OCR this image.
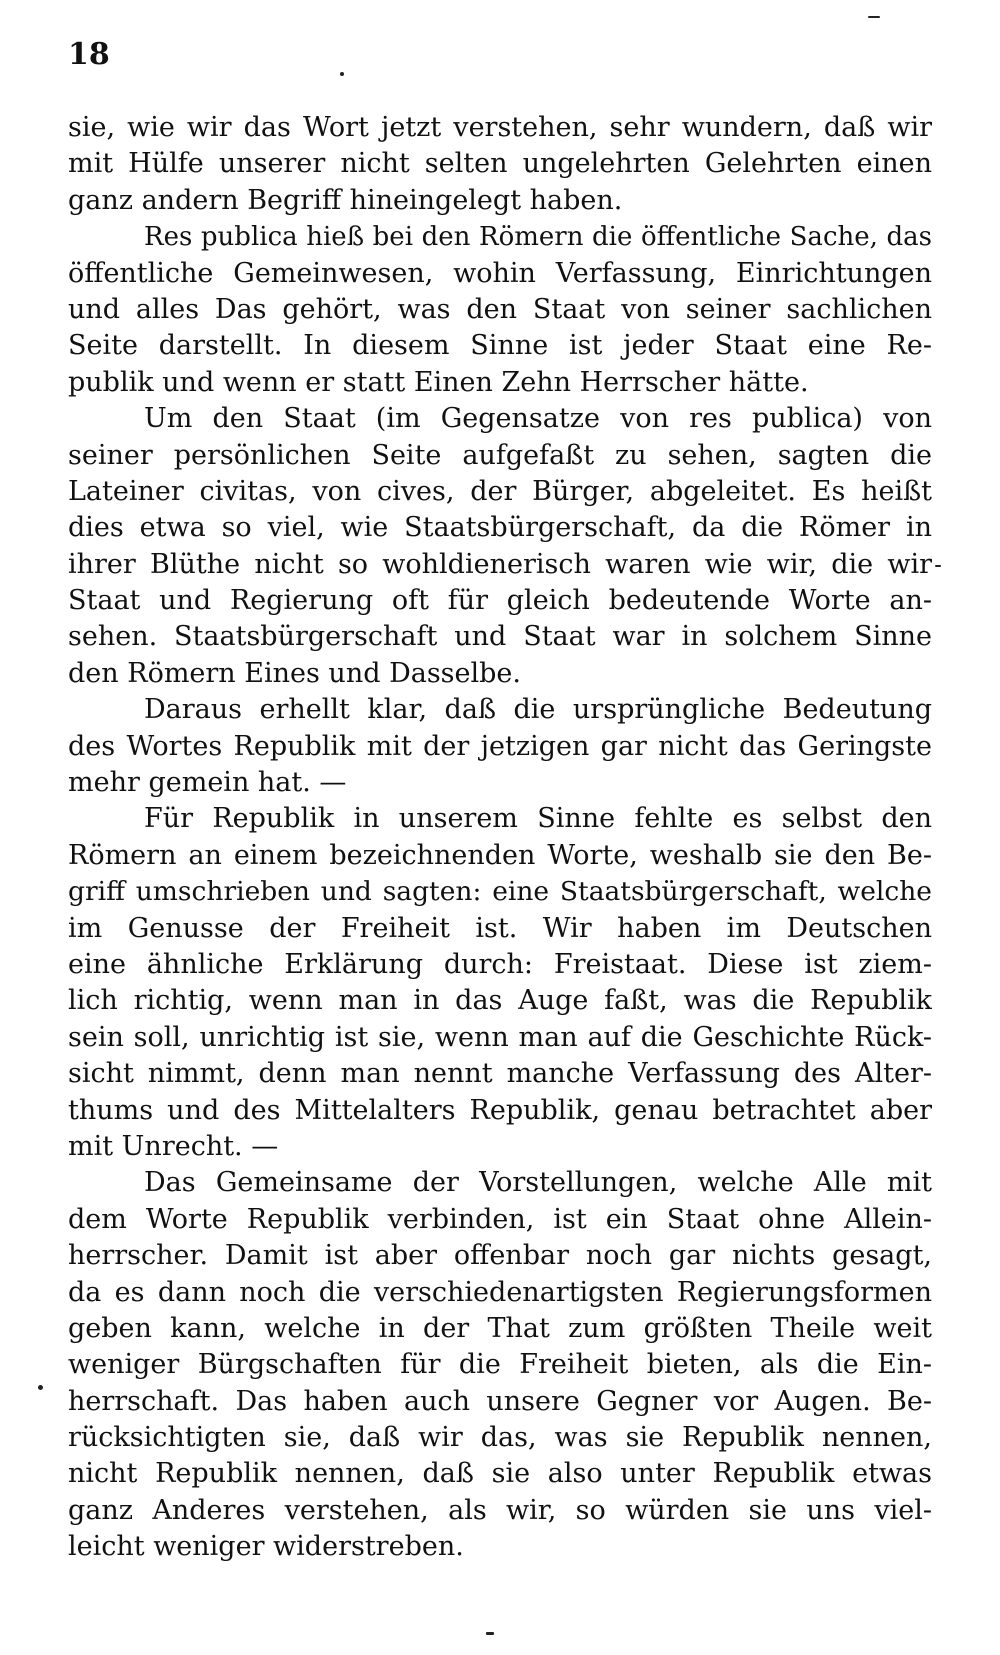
18
sie, wie wir das Wort jetzt verstehen, sehr wundern, daß wir
mit Hülfe unserer nicht selten ungelehrten Gelehrten einen
ganz andern Begriff hineingelegt haben.
Res publica hieß bei den Römern die öffentliche Sache, das
öffentliche Gemeinwesen, wohin Verfassung, Einrichtungen
und alles Das gehört, was den Staat von seiner sachlichen
Seite darstellt. In diesem Sinne ist jeder Staat eine Re-
publik und wenn er statt Einen Zehn Herrscher hätte.
Um den Staat (im Gegensatze von res publica) von
seiner persönlichen Seite aufgefaßt zu sehen, sagten die
Lateiner civitas, von cives, der Bürger, abgeleitet. Es heißt
dies etwa so viel, wie Staatsbürgerschaft, da die Römer in
ihrer Blüthe nicht so wohldienerisch waren wie wir, die wir
Staat und Regierung oft für gleich bedeutende Worte an-
sehen. Staatsbürgerschaft und Staat war in solchem Sinne
den Römern Eines und Dasselbe.
Daraus erhellt klar, daß die ursprüngliche Bedeutung
des Wortes Republik mit der jetzigen gar nicht das Geringste
mehr gemein hat. —
Für Republik in unserem Sinne fehlte es selbst den
Römern an einem bezeichnenden Worte, weshalb sie den Be-
griff umschrieben und sagten: eine Staatsbürgerschaft, welche
im Genusse der Freiheit ist. Wir haben im Deutschen
eine ähnliche Erklärung durch: Freistaat. Diese ist ziem-
lich richtig, wenn man in das Auge faßt, was die Republik
sein soll, unrichtig ist sie, wenn man auf die Geschichte Rück-
sicht nimmt, denn man nennt manche Verfassung des Alter-
thums und des Mittelalters Republik, genau betrachtet aber
mit Unrecht. —
Das Gemeinsame der Vorstellungen, welche Alle mit
dem Worte Republik verbinden, ist ein Staat ohne Allein-
herrscher. Damit ist aber offenbar noch gar nichts gesagt,
da es dann noch die verschiedenartigsten Regierungsformen
geben kann, welche in der That zum größten Theile weit
weniger Bürgschaften für die Freiheit bieten, als die Ein-
herrschaft. Das haben auch unsere Gegner vor Augen. Be-
rücksichtigten sie, daß wir das, was sie Republik nennen,
nicht Republik nennen, daß sie also unter Republik etwas
ganz Anderes verstehen, als wir, so würden sie uns viel-
leicht weniger widerstreben.
